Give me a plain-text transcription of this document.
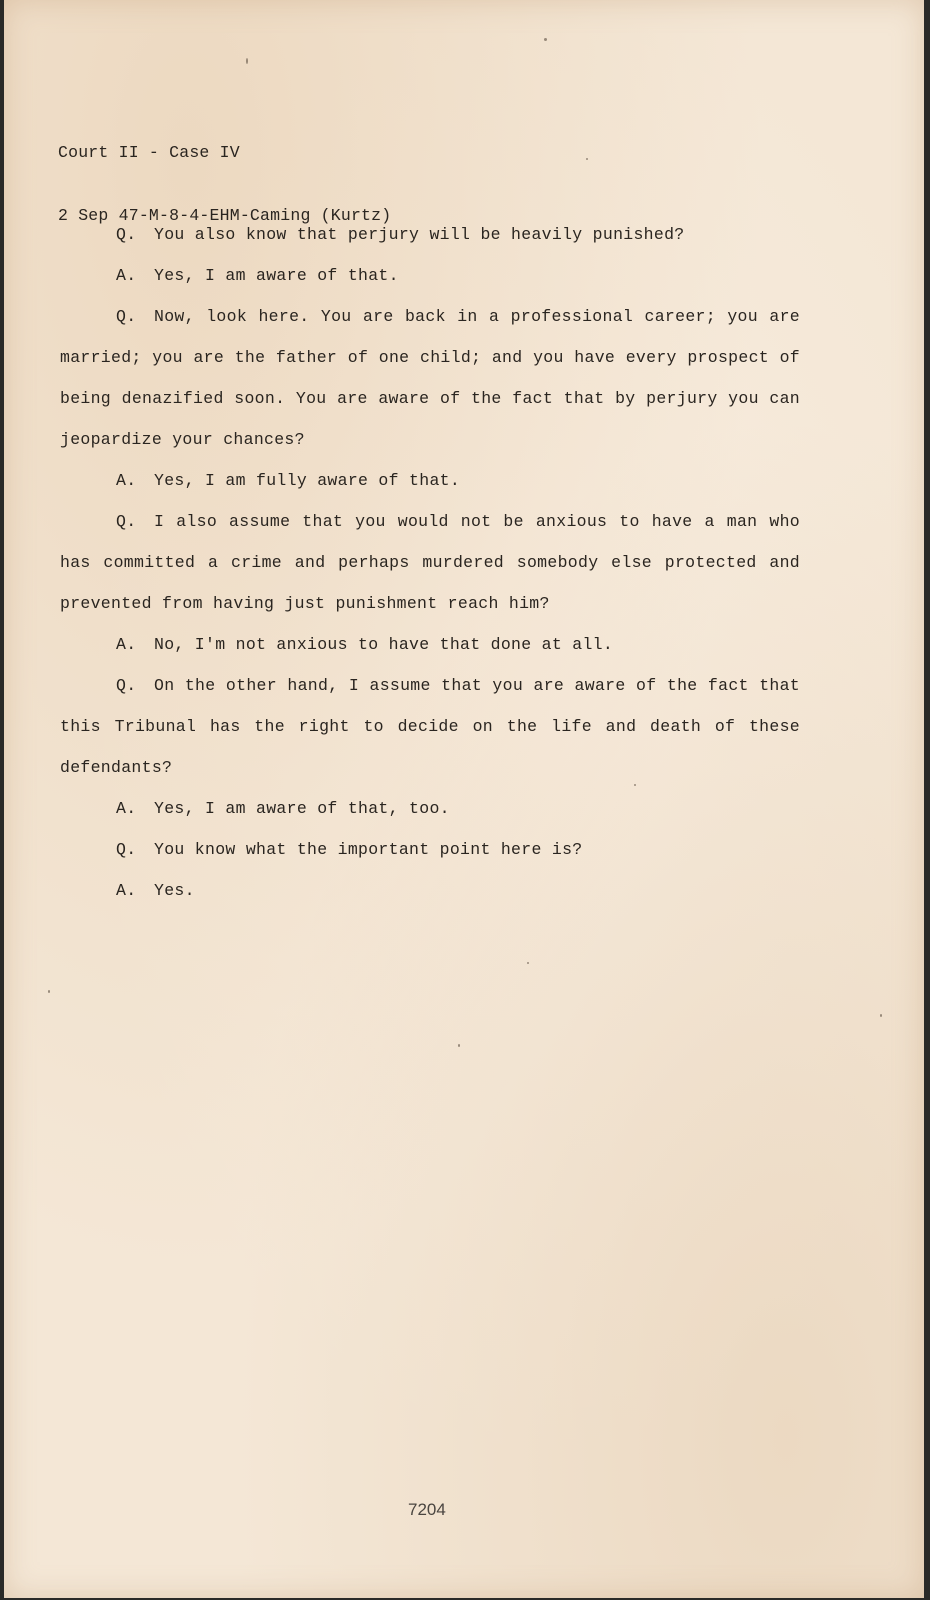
Court II - Case IV

2 Sep 47-M-8-4-EHM-Caming (Kurtz)

Q. You also know that perjury will be heavily punished?

A. Yes, I am aware of that.

Q. Now, look here. You are back in a professional career; you are married; you are the father of one child; and you have every prospect of being denazified soon. You are aware of the fact that by perjury you can jeopardize your chances?

A. Yes, I am fully aware of that.

Q. I also assume that you would not be anxious to have a man who has committed a crime and perhaps murdered somebody else protected and prevented from having just punishment reach him?

A. No, I'm not anxious to have that done at all.

Q. On the other hand, I assume that you are aware of the fact that this Tribunal has the right to decide on the life and death of these defendants?

A. Yes, I am aware of that, too.

Q. You know what the important point here is?

A. Yes.

7204
